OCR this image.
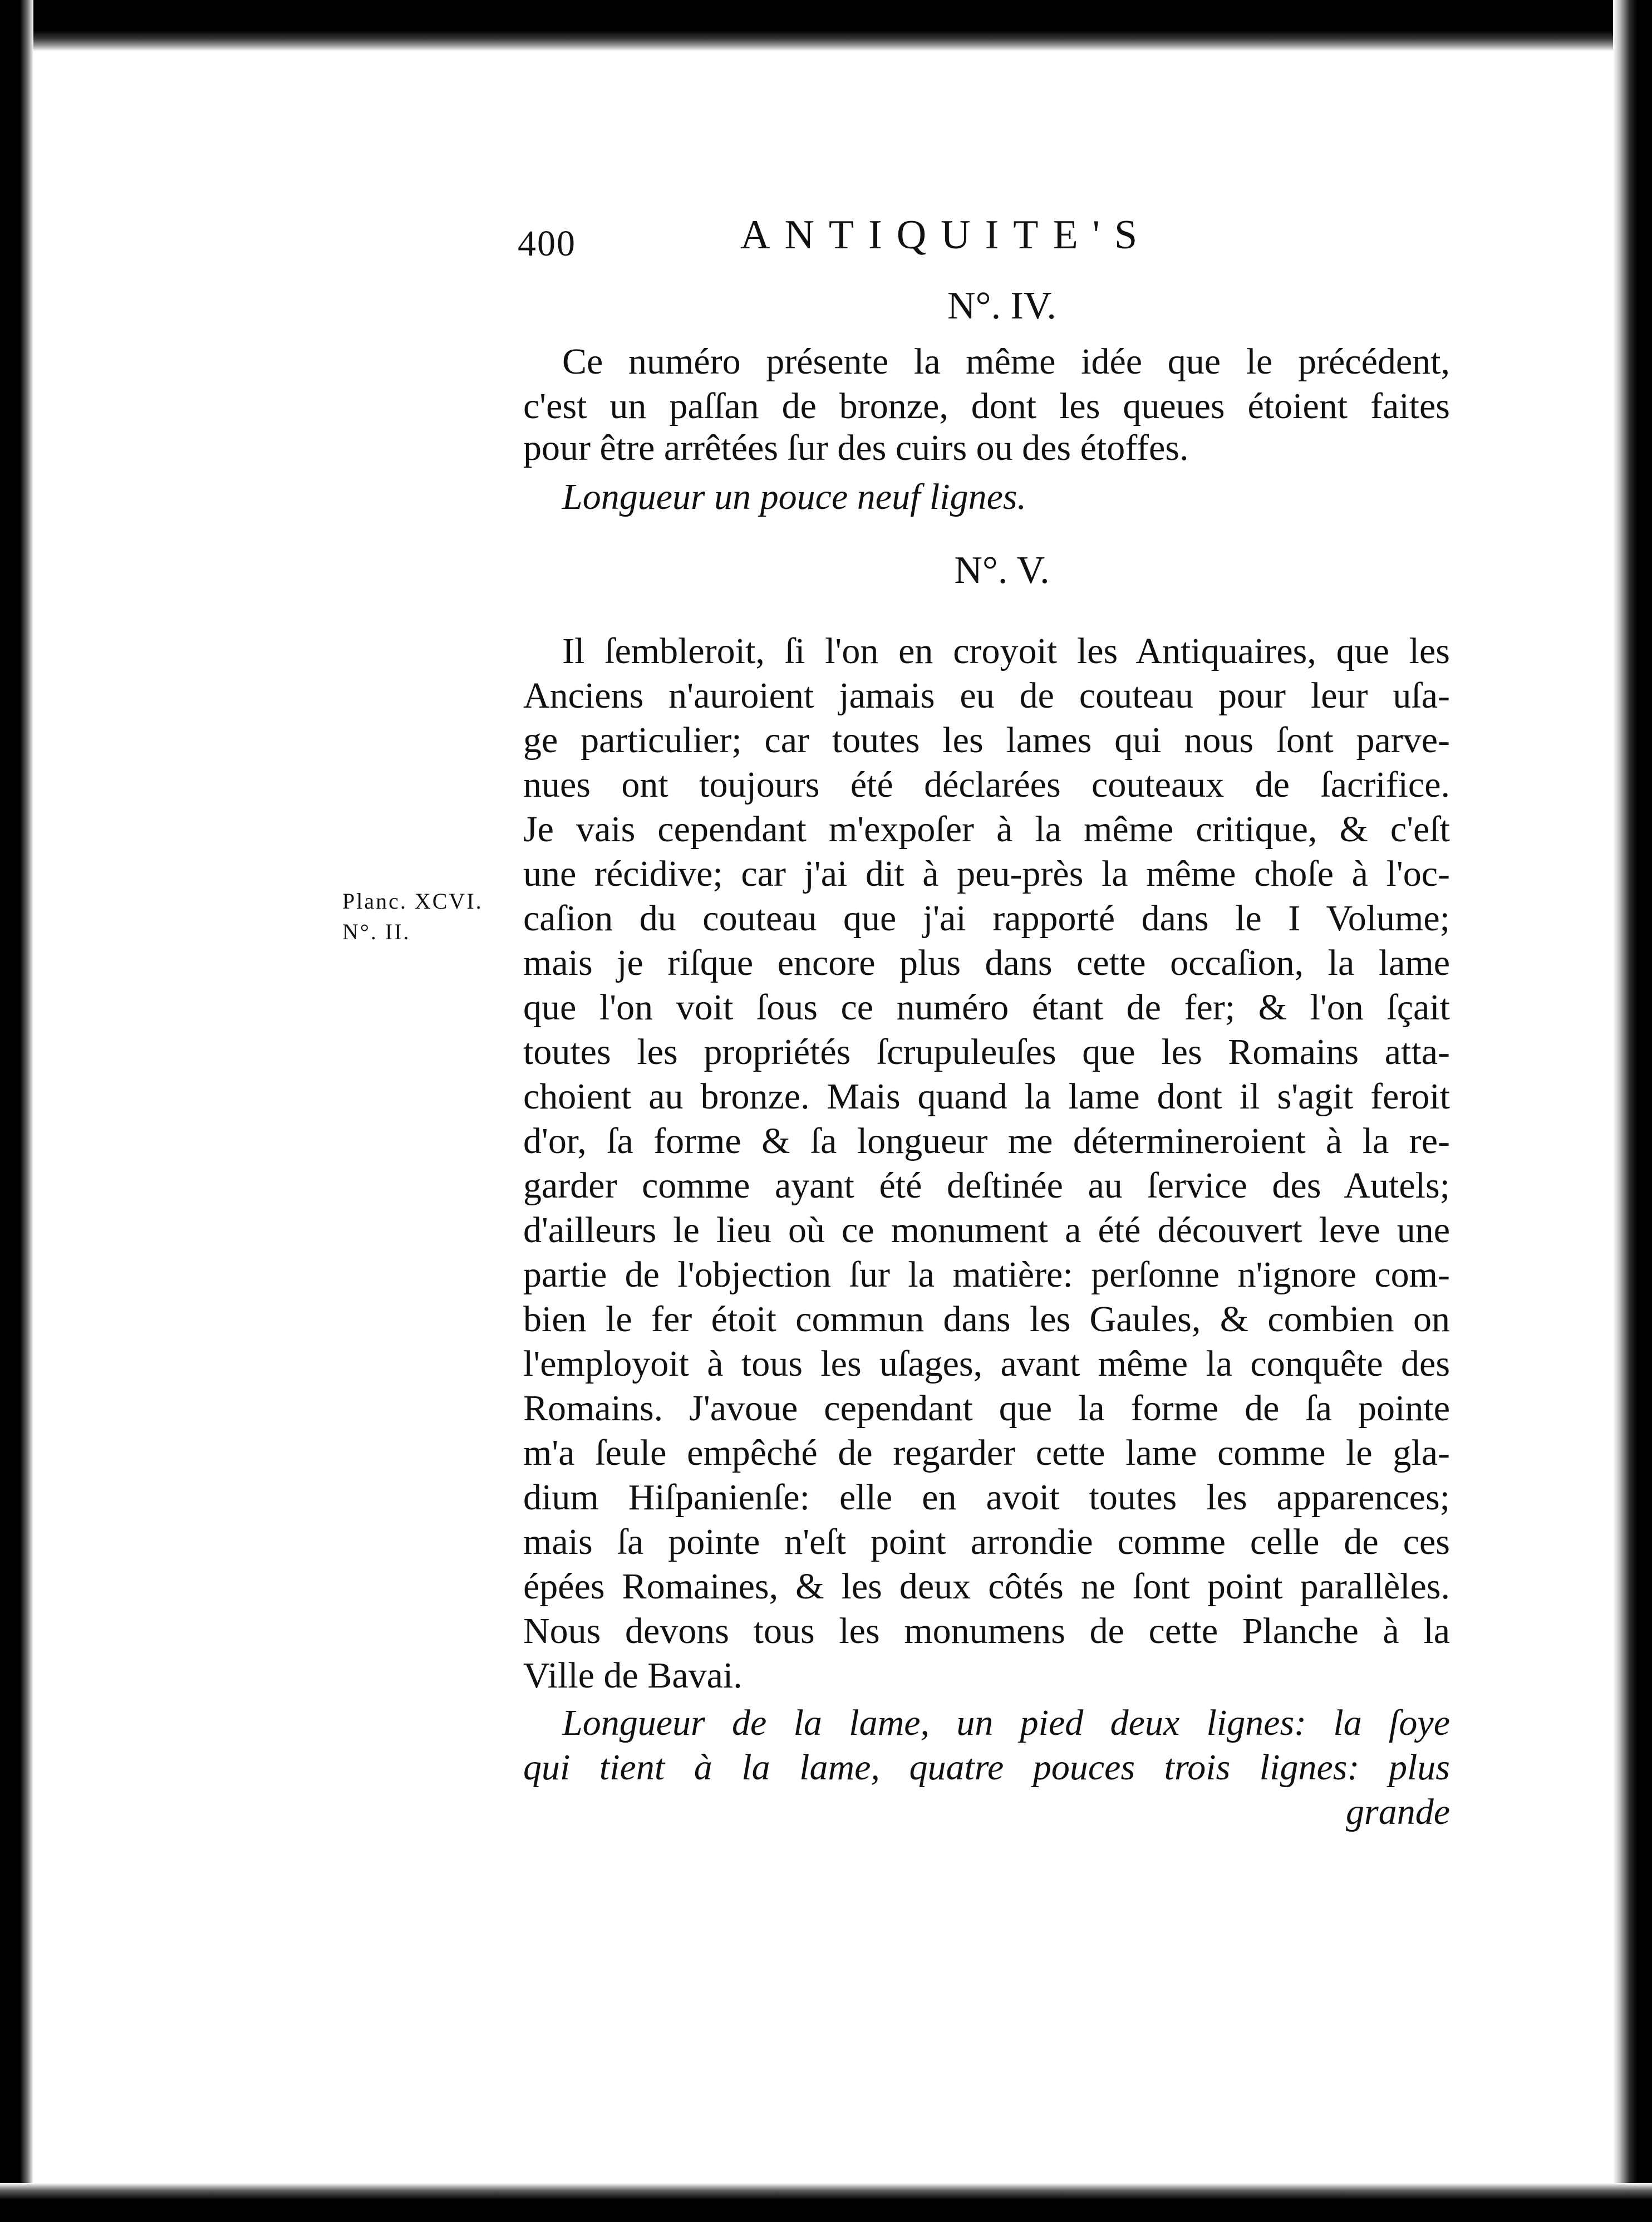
400	ANTIQUITE'S
N°. IV.
Ce numéro présente la même idée que le précédent,
c'est un paſſan de bronze, dont les queues étoient faites
pour être arrêtées ſur des cuirs ou des étoffes.
Longueur un pouce neuf lignes.
N°. V.
Il ſembleroit, ſi l'on en croyoit les Antiquaires, que les
Anciens n'auroient jamais eu de couteau pour leur uſa-
ge particulier; car toutes les lames qui nous ſont parve-
nues ont toujours été déclarées couteaux de ſacrifice.
Je vais cependant m'expoſer à la même critique, & c'eſt
une récidive; car j'ai dit à peu-près la même choſe à l'oc-
caſion du couteau que j'ai rapporté dans le I Volume;
mais je riſque encore plus dans cette occaſion, la lame
que l'on voit ſous ce numéro étant de fer; & l'on ſçait
toutes les propriétés ſcrupuleuſes que les Romains atta-
choient au bronze. Mais quand la lame dont il s'agit feroit
d'or, ſa forme & ſa longueur me détermineroient à la re-
garder comme ayant été deſtinée au ſervice des Autels;
d'ailleurs le lieu où ce monument a été découvert leve une
partie de l'objection ſur la matière: perſonne n'ignore com-
bien le fer étoit commun dans les Gaules, & combien on
l'employoit à tous les uſages, avant même la conquête des
Romains. J'avoue cependant que la forme de ſa pointe
m'a ſeule empêché de regarder cette lame comme le gla-
dium Hiſpanienſe: elle en avoit toutes les apparences;
mais ſa pointe n'eſt point arrondie comme celle de ces
épées Romaines, & les deux côtés ne ſont point parallèles.
Nous devons tous les monumens de cette Planche à la
Ville de Bavai.
Longueur de la lame, un pied deux lignes: la ſoye
qui tient à la lame, quatre pouces trois lignes: plus
grande
Planc. XCVI.
N°. II.
